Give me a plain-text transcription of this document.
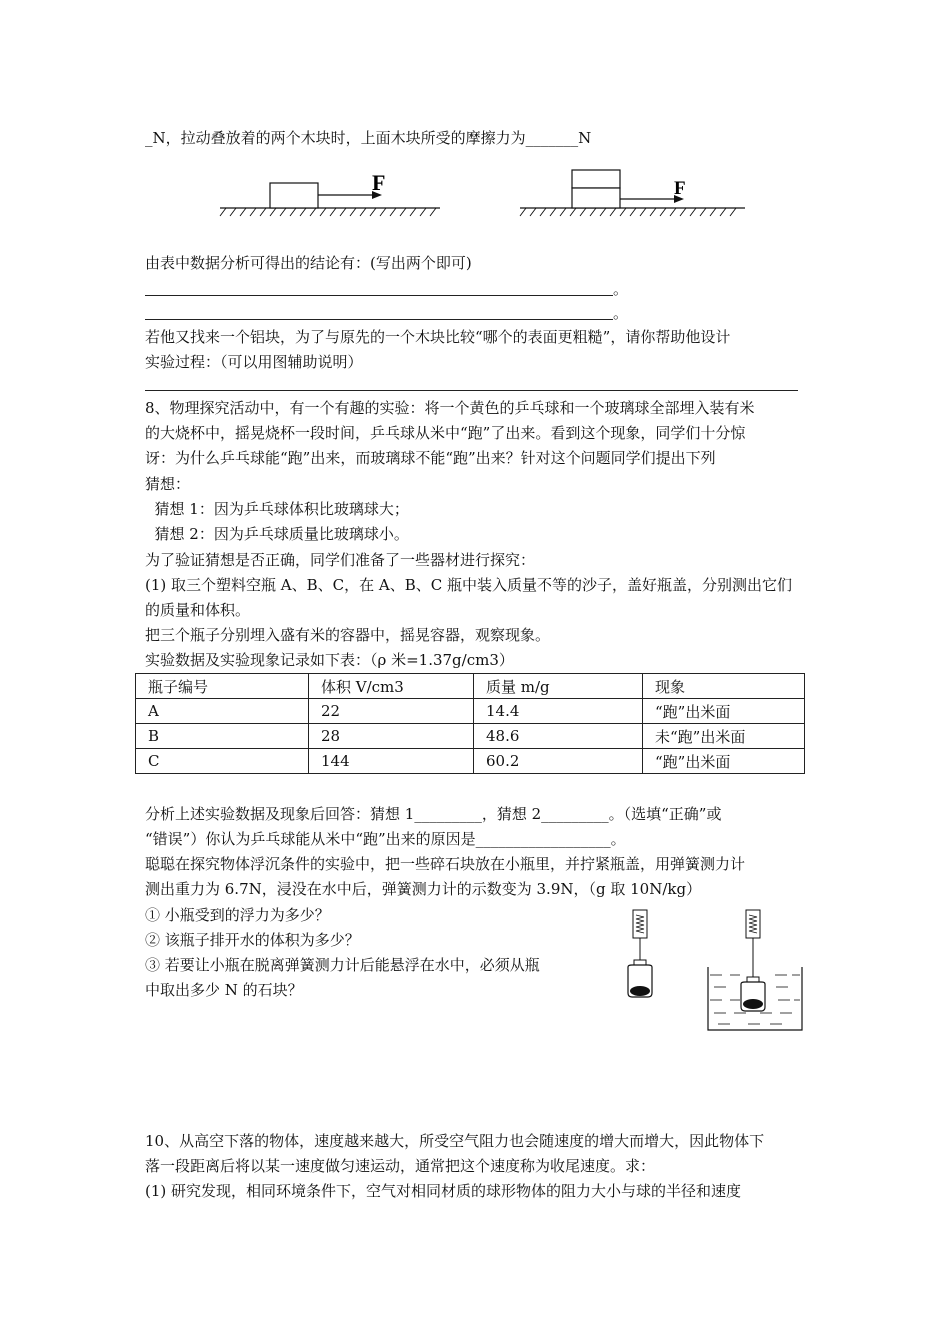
_N，拉动叠放着的两个木块时，上面木块所受的摩擦力为_______N
F	F
由表中数据分析可得出的结论有：(写出两个即可)
。
。
若他又找来一个铝块，为了与原先的一个木块比较“哪个的表面更粗糙”，请你帮助他设计
实验过程：（可以用图辅助说明）
8、物理探究活动中，有一个有趣的实验：将一个黄色的乒乓球和一个玻璃球全部埋入装有米
的大烧杯中，摇晃烧杯一段时间，乒乓球从米中“跑”了出来。看到这个现象，同学们十分惊
讶：为什么乒乓球能“跑”出来，而玻璃球不能“跑”出来？针对这个问题同学们提出下列
猜想：
猜想 1：因为乒乓球体积比玻璃球大；
猜想 2：因为乒乓球质量比玻璃球小。
为了验证猜想是否正确，同学们准备了一些器材进行探究：
(1) 取三个塑料空瓶 A、B、C，在 A、B、C 瓶中装入质量不等的沙子，盖好瓶盖，分别测出它们
的质量和体积。
把三个瓶子分别埋入盛有米的容器中，摇晃容器，观察现象。
实验数据及实验现象记录如下表：（ρ 米=1.37g/cm3）
瓶子编号	体积 V/cm3	质量 m/g	现象
A	22	14.4	“跑”出米面
B	28	48.6	未“跑”出米面
C	144	60.2	“跑”出米面
分析上述实验数据及现象后回答：猜想 1_________，猜想 2_________。（选填“正确”或
“错误”）你认为乒乓球能从米中“跑”出来的原因是__________________。
聪聪在探究物体浮沉条件的实验中，把一些碎石块放在小瓶里，并拧紧瓶盖，用弹簧测力计
测出重力为 6.7N，浸没在水中后，弹簧测力计的示数变为 3.9N，（g 取 10N/kg）
① 小瓶受到的浮力为多少？
② 该瓶子排开水的体积为多少？
③ 若要让小瓶在脱离弹簧测力计后能悬浮在水中，必须从瓶
中取出多少 N 的石块？
10、从高空下落的物体，速度越来越大，所受空气阻力也会随速度的增大而增大，因此物体下
落一段距离后将以某一速度做匀速运动，通常把这个速度称为收尾速度。求：
(1) 研究发现，相同环境条件下，空气对相同材质的球形物体的阻力大小与球的半径和速度
